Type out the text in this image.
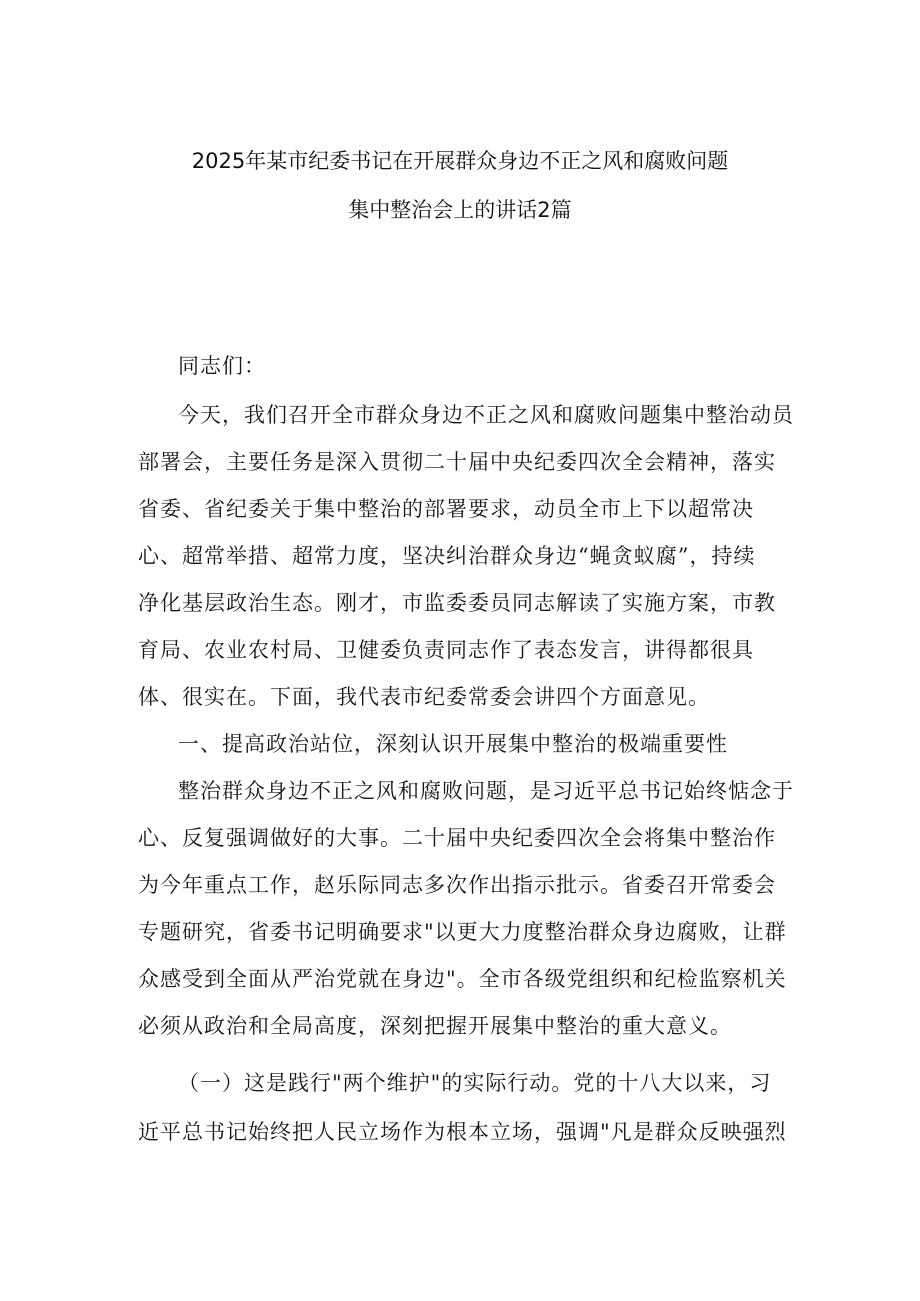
2025年某市纪委书记在开展群众身边不正之风和腐败问题
集中整治会上的讲话2篇

同志们：

今天，我们召开全市群众身边不正之风和腐败问题集中整治动员

部署会，主要任务是深入贯彻二十届中央纪委四次全会精神，落实

省委、省纪委关于集中整治的部署要求，动员全市上下以超常决

心、超常举措、超常力度，坚决纠治群众身边“蝇贪蚁腐”，持续

净化基层政治生态。刚才，市监委委员同志解读了实施方案，市教

育局、农业农村局、卫健委负责同志作了表态发言，讲得都很具

体、很实在。下面，我代表市纪委常委会讲四个方面意见。

一、提高政治站位，深刻认识开展集中整治的极端重要性

整治群众身边不正之风和腐败问题，是习近平总书记始终惦念于

心、反复强调做好的大事。二十届中央纪委四次全会将集中整治作

为今年重点工作，赵乐际同志多次作出指示批示。省委召开常委会

专题研究，省委书记明确要求"以更大力度整治群众身边腐败，让群

众感受到全面从严治党就在身边"。全市各级党组织和纪检监察机关

必须从政治和全局高度，深刻把握开展集中整治的重大意义。

（一）这是践行"两个维护"的实际行动。党的十八大以来，习

近平总书记始终把人民立场作为根本立场，强调"凡是群众反映强烈
